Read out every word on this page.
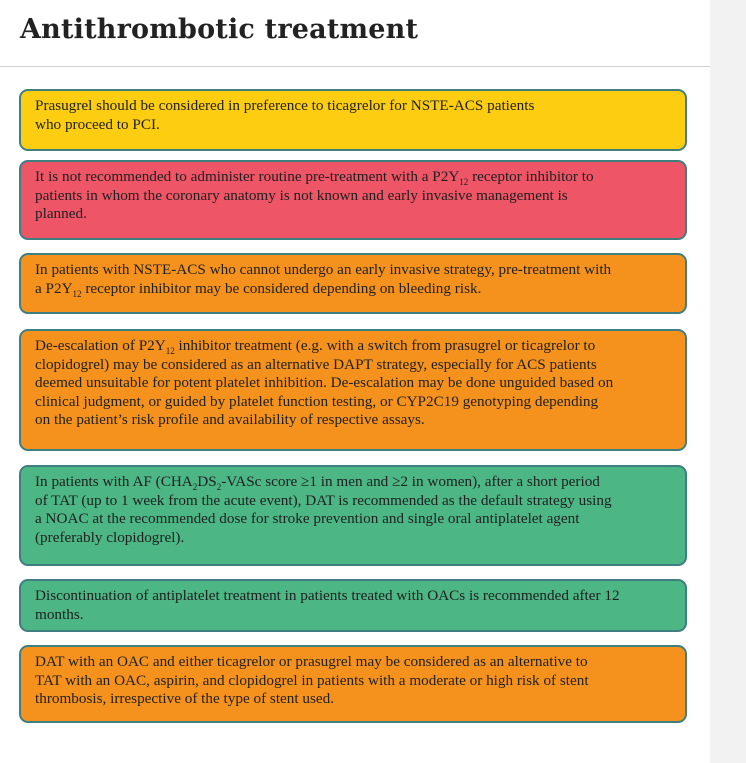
Antithrombotic treatment
Prasugrel should be considered in preference to ticagrelor for NSTE-ACS patients
who proceed to PCI.
It is not recommended to administer routine pre-treatment with a $P2Y_{12}$ receptor inhibitor to
patients in whom the coronary anatomy is not known and early invasive management is
planned.
In patients with NSTE-ACS who cannot undergo an early invasive strategy, pre-treatment with
a $P2Y_{12}$ receptor inhibitor may be considered depending on bleeding risk.
De-escalation of $P2Y_{12}$ inhibitor treatment (e.g. with a switch from prasugrel or ticagrelor to
clopidogrel) may be considered as an alternative DAPT strategy, especially for ACS patients
deemed unsuitable for potent platelet inhibition. De-escalation may be done unguided based on
clinical judgment, or guided by platelet function testing, or CYP2C19 genotyping depending
on the patient’s risk profile and availability of respective assays.
In patients with AF ($CHA_2DS_2$-VASc score ≥1 in men and ≥2 in women), after a short period
of TAT (up to 1 week from the acute event), DAT is recommended as the default strategy using
a NOAC at the recommended dose for stroke prevention and single oral antiplatelet agent
(preferably clopidogrel).
Discontinuation of antiplatelet treatment in patients treated with OACs is recommended after 12
months.
DAT with an OAC and either ticagrelor or prasugrel may be considered as an alternative to
TAT with an OAC, aspirin, and clopidogrel in patients with a moderate or high risk of stent
thrombosis, irrespective of the type of stent used.
